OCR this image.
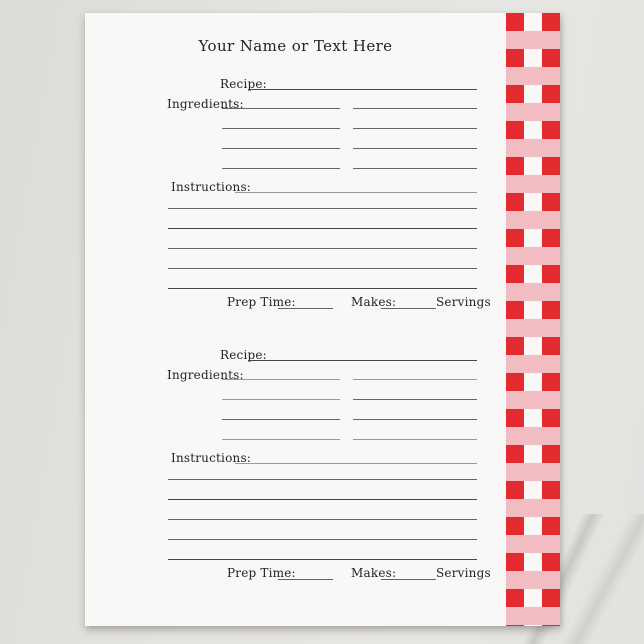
Your Name or Text Here
Recipe:
Ingredients:
Instructions:
Prep Time:	Makes:	Servings
Recipe:
Ingredients:
Instructions:
Prep Time:	Makes:	Servings
